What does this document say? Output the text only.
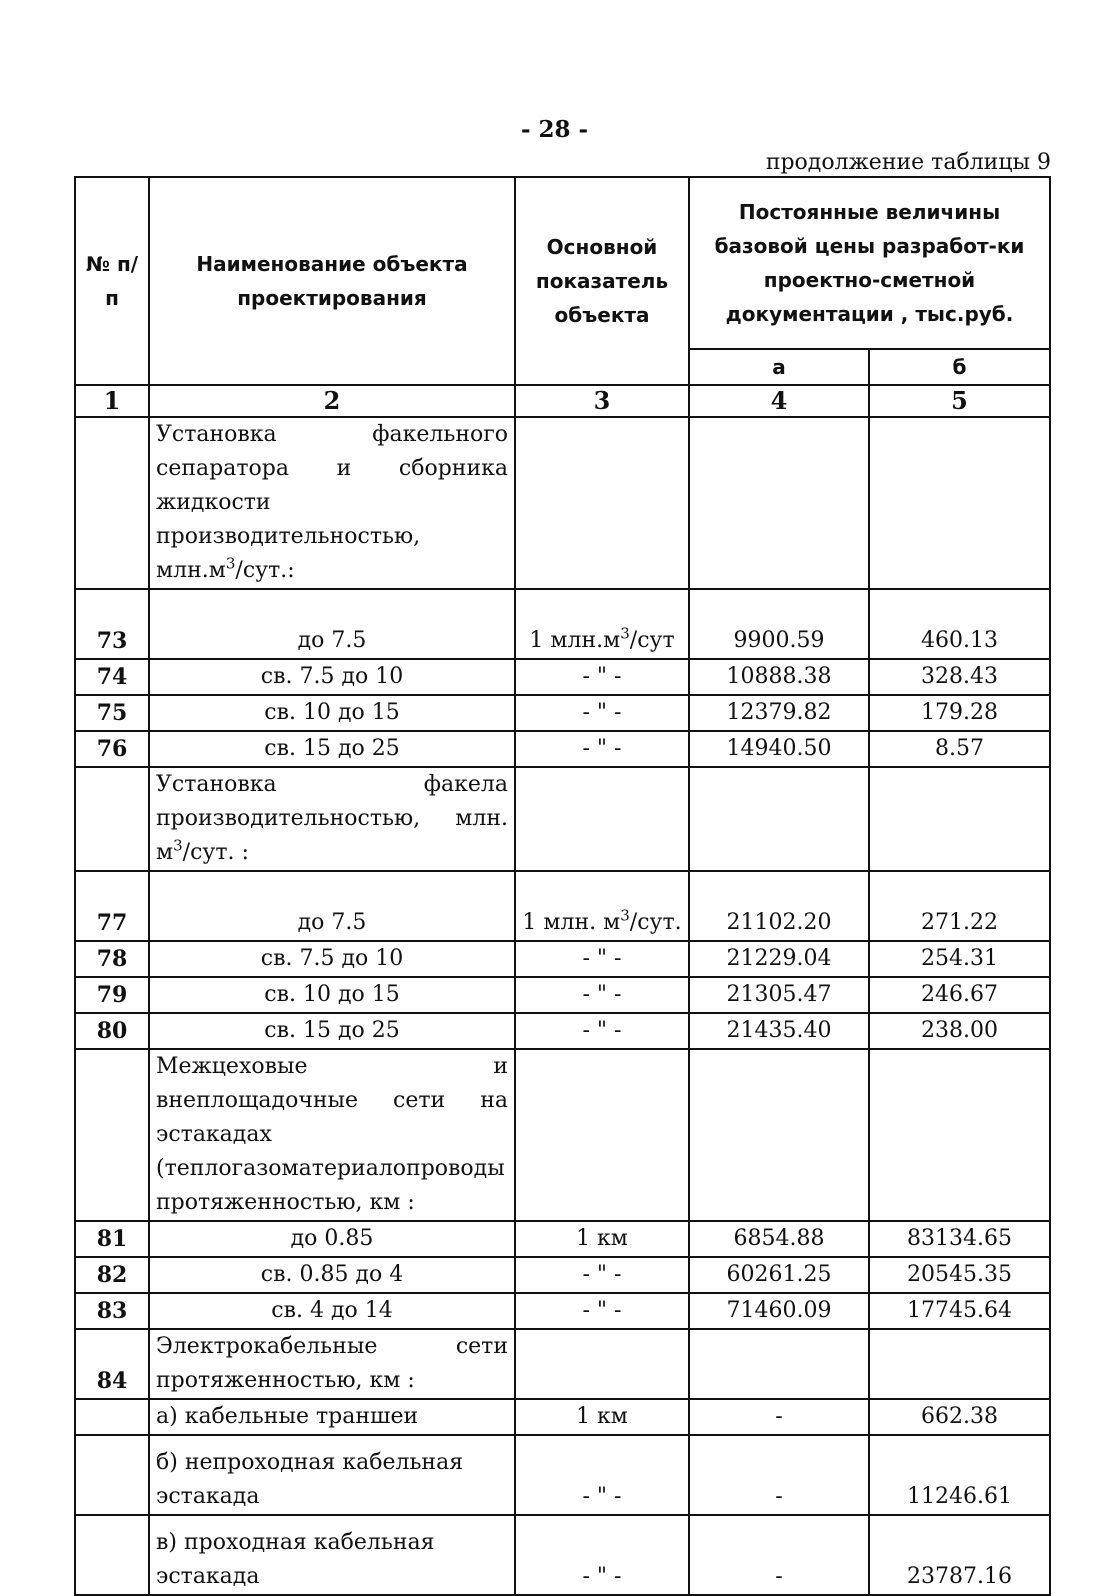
- 28 -
продолжение таблицы 9
№ п/п	Наименование объекта проектирования	Основной показатель объекта	Постоянные величины базовой цены разработ-ки проектно-сметной документации , тыс.руб.	
			а	б
1	2	3	4	5
	Установка факельного сепаратора и сборника жидкости производительностью, $млн.м^3$/сут.:			
73	до 7.5	1 $млн.м^3$/сут	9900.59	460.13
74	св. 7.5 до 10	- " -	10888.38	328.43
75	св. 10 до 15	- " -	12379.82	179.28
76	св. 15 до 25	- " -	14940.50	8.57
	Установка факела производительностью, млн. $м^3$/сут. :			
77	до 7.5	1 млн. $м^3$/сут.	21102.20	271.22
78	св. 7.5 до 10	- " -	21229.04	254.31
79	св. 10 до 15	- " -	21305.47	246.67
80	св. 15 до 25	- " -	21435.40	238.00
	Межцеховые и внеплощадочные сети на эстакадах (теплогазоматериалопроводы протяженностью, км :			
81	до 0.85	1 км	6854.88	83134.65
82	св. 0.85 до 4	- " -	60261.25	20545.35
83	св. 4 до 14	- " -	71460.09	17745.64
84	Электрокабельные сети протяженностью, км :			
	а) кабельные траншеи	1 км	-	662.38
	б) непроходная кабельная эстакада	- " -	-	11246.61
	в) проходная кабельная эстакада	- " -	-	23787.16
